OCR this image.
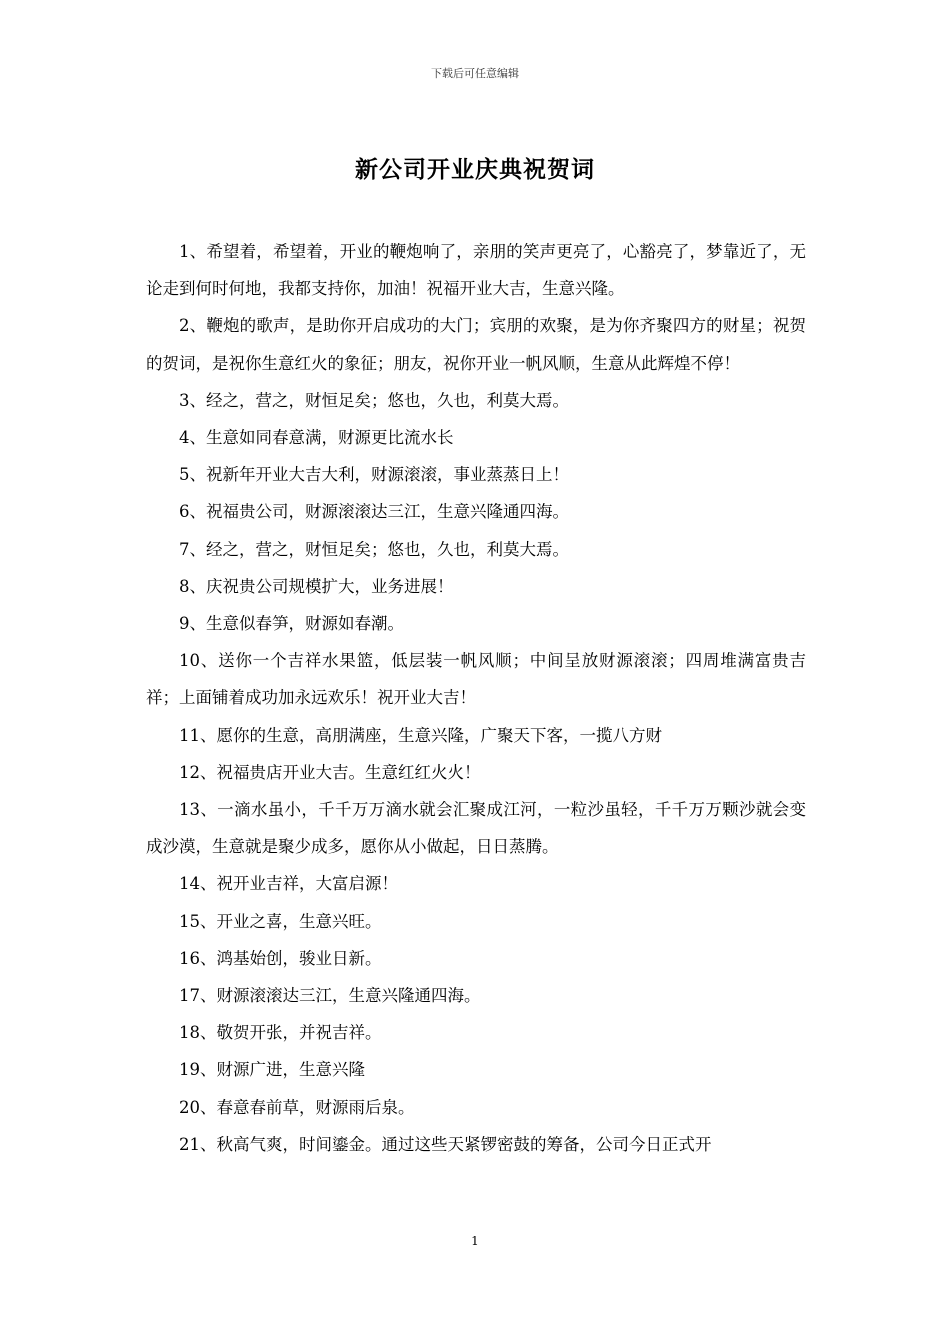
下载后可任意编辑
新公司开业庆典祝贺词

1、希望着，希望着，开业的鞭炮响了，亲朋的笑声更亮了，心豁亮了，梦靠近了，无论走到何时何地，我都支持你，加油！祝福开业大吉，生意兴隆。

2、鞭炮的歌声，是助你开启成功的大门；宾朋的欢聚，是为你齐聚四方的财星；祝贺的贺词，是祝你生意红火的象征；朋友，祝你开业一帆风顺，生意从此辉煌不停！

3、经之，营之，财恒足矣；悠也，久也，利莫大焉。

4、生意如同春意满，财源更比流水长

5、祝新年开业大吉大利，财源滚滚，事业蒸蒸日上！

6、祝福贵公司，财源滚滚达三江，生意兴隆通四海。

7、经之，营之，财恒足矣；悠也，久也，利莫大焉。

8、庆祝贵公司规模扩大，业务进展！

9、生意似春笋，财源如春潮。

10、送你一个吉祥水果篮，低层装一帆风顺；中间呈放财源滚滚；四周堆满富贵吉祥；上面铺着成功加永远欢乐！祝开业大吉！

11、愿你的生意，高朋满座，生意兴隆，广聚天下客，一揽八方财

12、祝福贵店开业大吉。生意红红火火！

13、一滴水虽小，千千万万滴水就会汇聚成江河，一粒沙虽轻，千千万万颗沙就会变成沙漠，生意就是聚少成多，愿你从小做起，日日蒸腾。

14、祝开业吉祥，大富启源！

15、开业之喜，生意兴旺。

16、鸿基始创，骏业日新。

17、财源滚滚达三江，生意兴隆通四海。

18、敬贺开张，并祝吉祥。

19、财源广进，生意兴隆

20、春意春前草，财源雨后泉。

21、秋高气爽，时间鎏金。通过这些天紧锣密鼓的筹备，公司今日正式开

1
